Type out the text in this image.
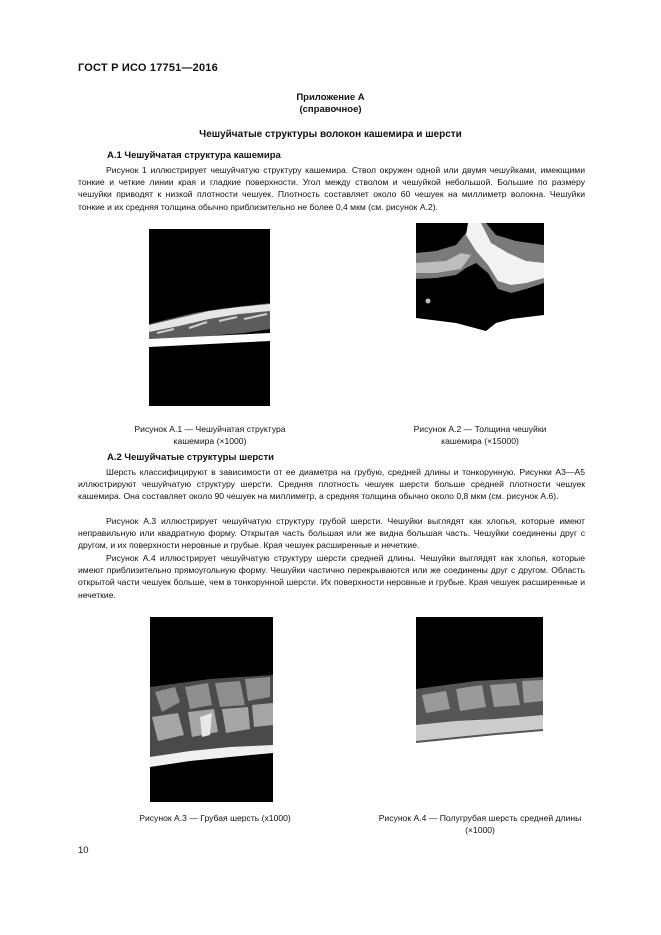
ГОСТ Р ИСО 17751—2016
Приложение А
(справочное)
Чешуйчатые структуры волокон кашемира и шерсти
А.1 Чешуйчатая структура кашемира

Рисунок 1 иллюстрирует чешуйчатую структуру кашемира. Ствол окружен одной или двумя чешуйками, имеющими тонкие и четкие линии края и гладкие поверхности. Угол между стволом и чешуйкой небольшой. Большие по размеру чешуйки приводят к низкой плотности чешуек. Плотность составляет около 60 чешуек на миллиметр волокна. Чешуйки тонкие и их средняя толщина обычно приблизительно не более 0,4 мкм (см. рисунок А.2).

Рисунок А.1 — Чешуйчатая структура
кашемира (×1000)
Рисунок А.2 — Толщина чешуйки
кашемира (×15000)
А.2 Чешуйчатые структуры шерсти

Шерсть классифицируют в зависимости от ее диаметра на грубую, средней длины и тонкорунную. Рисунки А3—А5 иллюстрируют чешуйчатую структуру шерсти. Средняя плотность чешуек шерсти больше средней плотности чешуек кашемира. Она составляет около 90 чешуек на миллиметр, а средняя толщина обычно около 0,8 мкм (см. рисунок А.6).

Рисунок А.3 иллюстрирует чешуйчатую структуру грубой шерсти. Чешуйки выглядят как хлопья, которые имеют неправильную или квадратную форму. Открытая часть большая или же видна большая часть. Чешуйки соединены друг с другом, и их поверхности неровные и грубые. Края чешуек расширенные и нечеткие.

Рисунок А.4 иллюстрирует чешуйчатую структуру шерсти средней длины. Чешуйки выглядят как хлопья, которые имеют приблизительно прямоугольную форму. Чешуйки частично перекрываются или же соединены друг с другом. Область открытой части чешуек больше, чем в тонкорунной шерсти. Их поверхности неровные и грубые. Края чешуек расширенные и нечеткие.

Рисунок А.3 — Грубая шерсть (x1000)	Рисунок А.4 — Полугрубая шерсть средней длины
(×1000)
10
